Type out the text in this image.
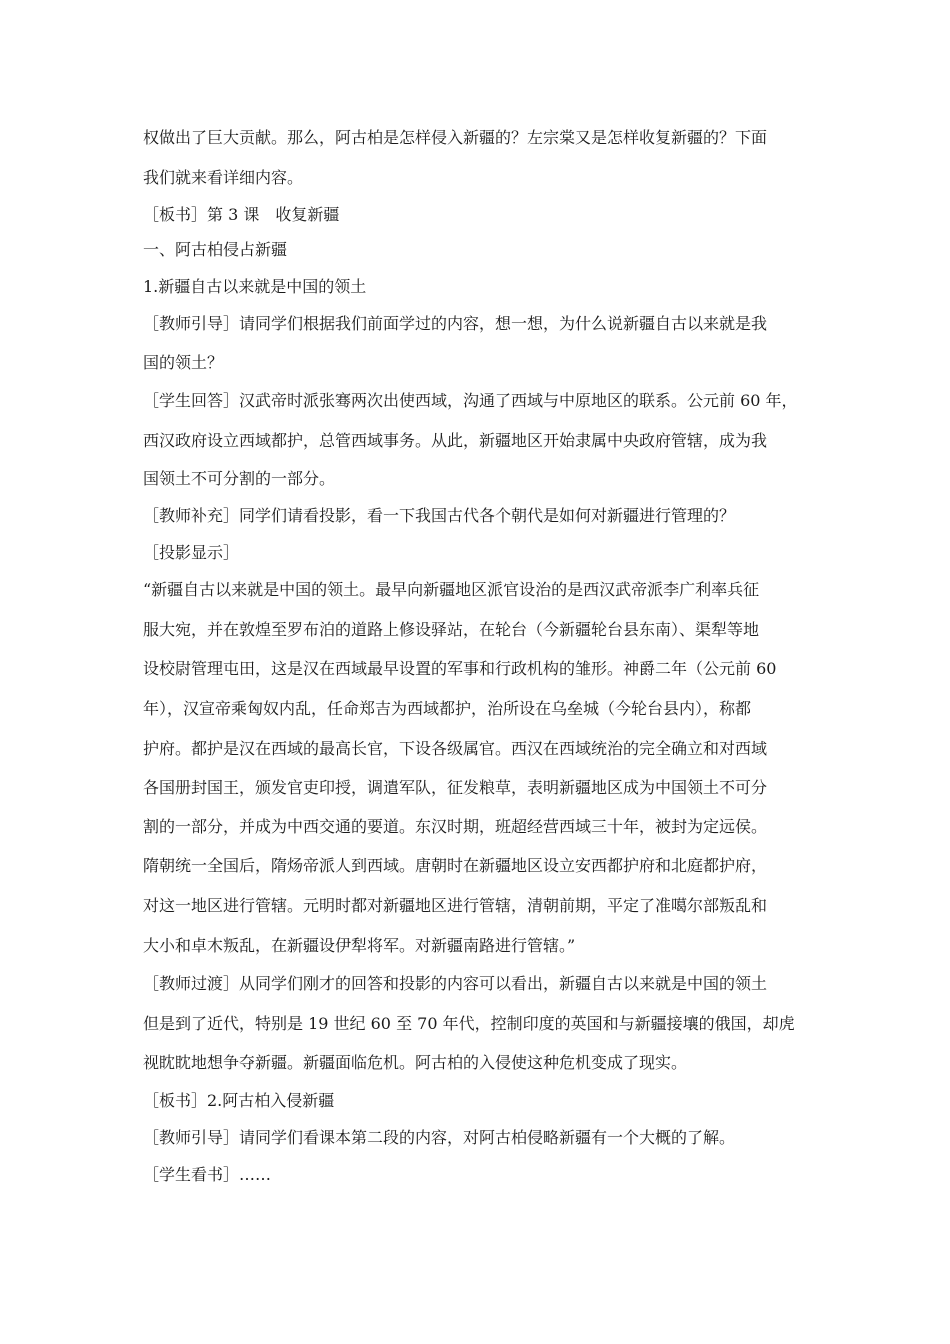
权做出了巨大贡献。那么，阿古柏是怎样侵入新疆的？左宗棠又是怎样收复新疆的？下面
我们就来看详细内容。
［板书］第 3 课　收复新疆
一、阿古柏侵占新疆
1.新疆自古以来就是中国的领土
［教师引导］请同学们根据我们前面学过的内容，想一想，为什么说新疆自古以来就是我
国的领土？
［学生回答］汉武帝时派张骞两次出使西域，沟通了西域与中原地区的联系。公元前 60 年，
西汉政府设立西域都护，总管西域事务。从此，新疆地区开始隶属中央政府管辖，成为我
国领土不可分割的一部分。
［教师补充］同学们请看投影，看一下我国古代各个朝代是如何对新疆进行管理的？
［投影显示］
“新疆自古以来就是中国的领土。最早向新疆地区派官设治的是西汉武帝派李广利率兵征
服大宛，并在敦煌至罗布泊的道路上修设驿站，在轮台（今新疆轮台县东南）、渠犁等地
设校尉管理屯田，这是汉在西域最早设置的军事和行政机构的雏形。神爵二年（公元前 60
年），汉宣帝乘匈奴内乱，任命郑吉为西域都护，治所设在乌垒城（今轮台县内），称都
护府。都护是汉在西域的最高长官，下设各级属官。西汉在西域统治的完全确立和对西域
各国册封国王，颁发官吏印授，调遣军队，征发粮草，表明新疆地区成为中国领土不可分
割的一部分，并成为中西交通的要道。东汉时期，班超经营西域三十年，被封为定远侯。
隋朝统一全国后，隋炀帝派人到西域。唐朝时在新疆地区设立安西都护府和北庭都护府，
对这一地区进行管辖。元明时都对新疆地区进行管辖，清朝前期，平定了准噶尔部叛乱和
大小和卓木叛乱，在新疆设伊犁将军。对新疆南路进行管辖。”
［教师过渡］从同学们刚才的回答和投影的内容可以看出，新疆自古以来就是中国的领土
但是到了近代，特别是 19 世纪 60 至 70 年代，控制印度的英国和与新疆接壤的俄国，却虎
视眈眈地想争夺新疆。新疆面临危机。阿古柏的入侵使这种危机变成了现实。
［板书］2.阿古柏入侵新疆
［教师引导］请同学们看课本第二段的内容，对阿古柏侵略新疆有一个大概的了解。
［学生看书］……
